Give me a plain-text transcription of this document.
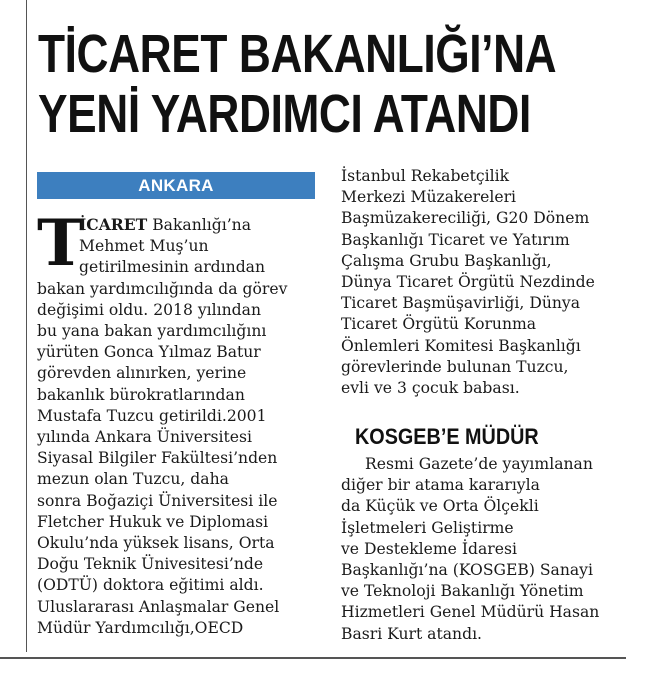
TİCARET BAKANLIĞI’NA
YENİ YARDIMCI ATANDI
ANKARA
T
İCARET Bakanlığı’na
Mehmet Muş’un
getirilmesinin ardından
bakan yardımcılığında da görev
değişimi oldu. 2018 yılından
bu yana bakan yardımcılığını
yürüten Gonca Yılmaz Batur
görevden alınırken, yerine
bakanlık bürokratlarından
Mustafa Tuzcu getirildi.2001
yılında Ankara Üniversitesi
Siyasal Bilgiler Fakültesi’nden
mezun olan Tuzcu, daha
sonra Boğaziçi Üniversitesi ile
Fletcher Hukuk ve Diplomasi
Okulu’nda yüksek lisans, Orta
Doğu Teknik Ünivesitesi’nde
(ODTÜ) doktora eğitimi aldı.
Uluslararası Anlaşmalar Genel
Müdür Yardımcılığı,OECD
İstanbul Rekabetçilik
Merkezi Müzakereleri
Başmüzakereciliği, G20 Dönem
Başkanlığı Ticaret ve Yatırım
Çalışma Grubu Başkanlığı,
Dünya Ticaret Örgütü Nezdinde
Ticaret Başmüşavirliği, Dünya
Ticaret Örgütü Korunma
Önlemleri Komitesi Başkanlığı
görevlerinde bulunan Tuzcu,
evli ve 3 çocuk babası.
KOSGEB’E MÜDÜR
Resmi Gazete’de yayımlanan
diğer bir atama kararıyla
da Küçük ve Orta Ölçekli
İşletmeleri Geliştirme
ve Destekleme İdaresi
Başkanlığı’na (KOSGEB) Sanayi
ve Teknoloji Bakanlığı Yönetim
Hizmetleri Genel Müdürü Hasan
Basri Kurt atandı.
